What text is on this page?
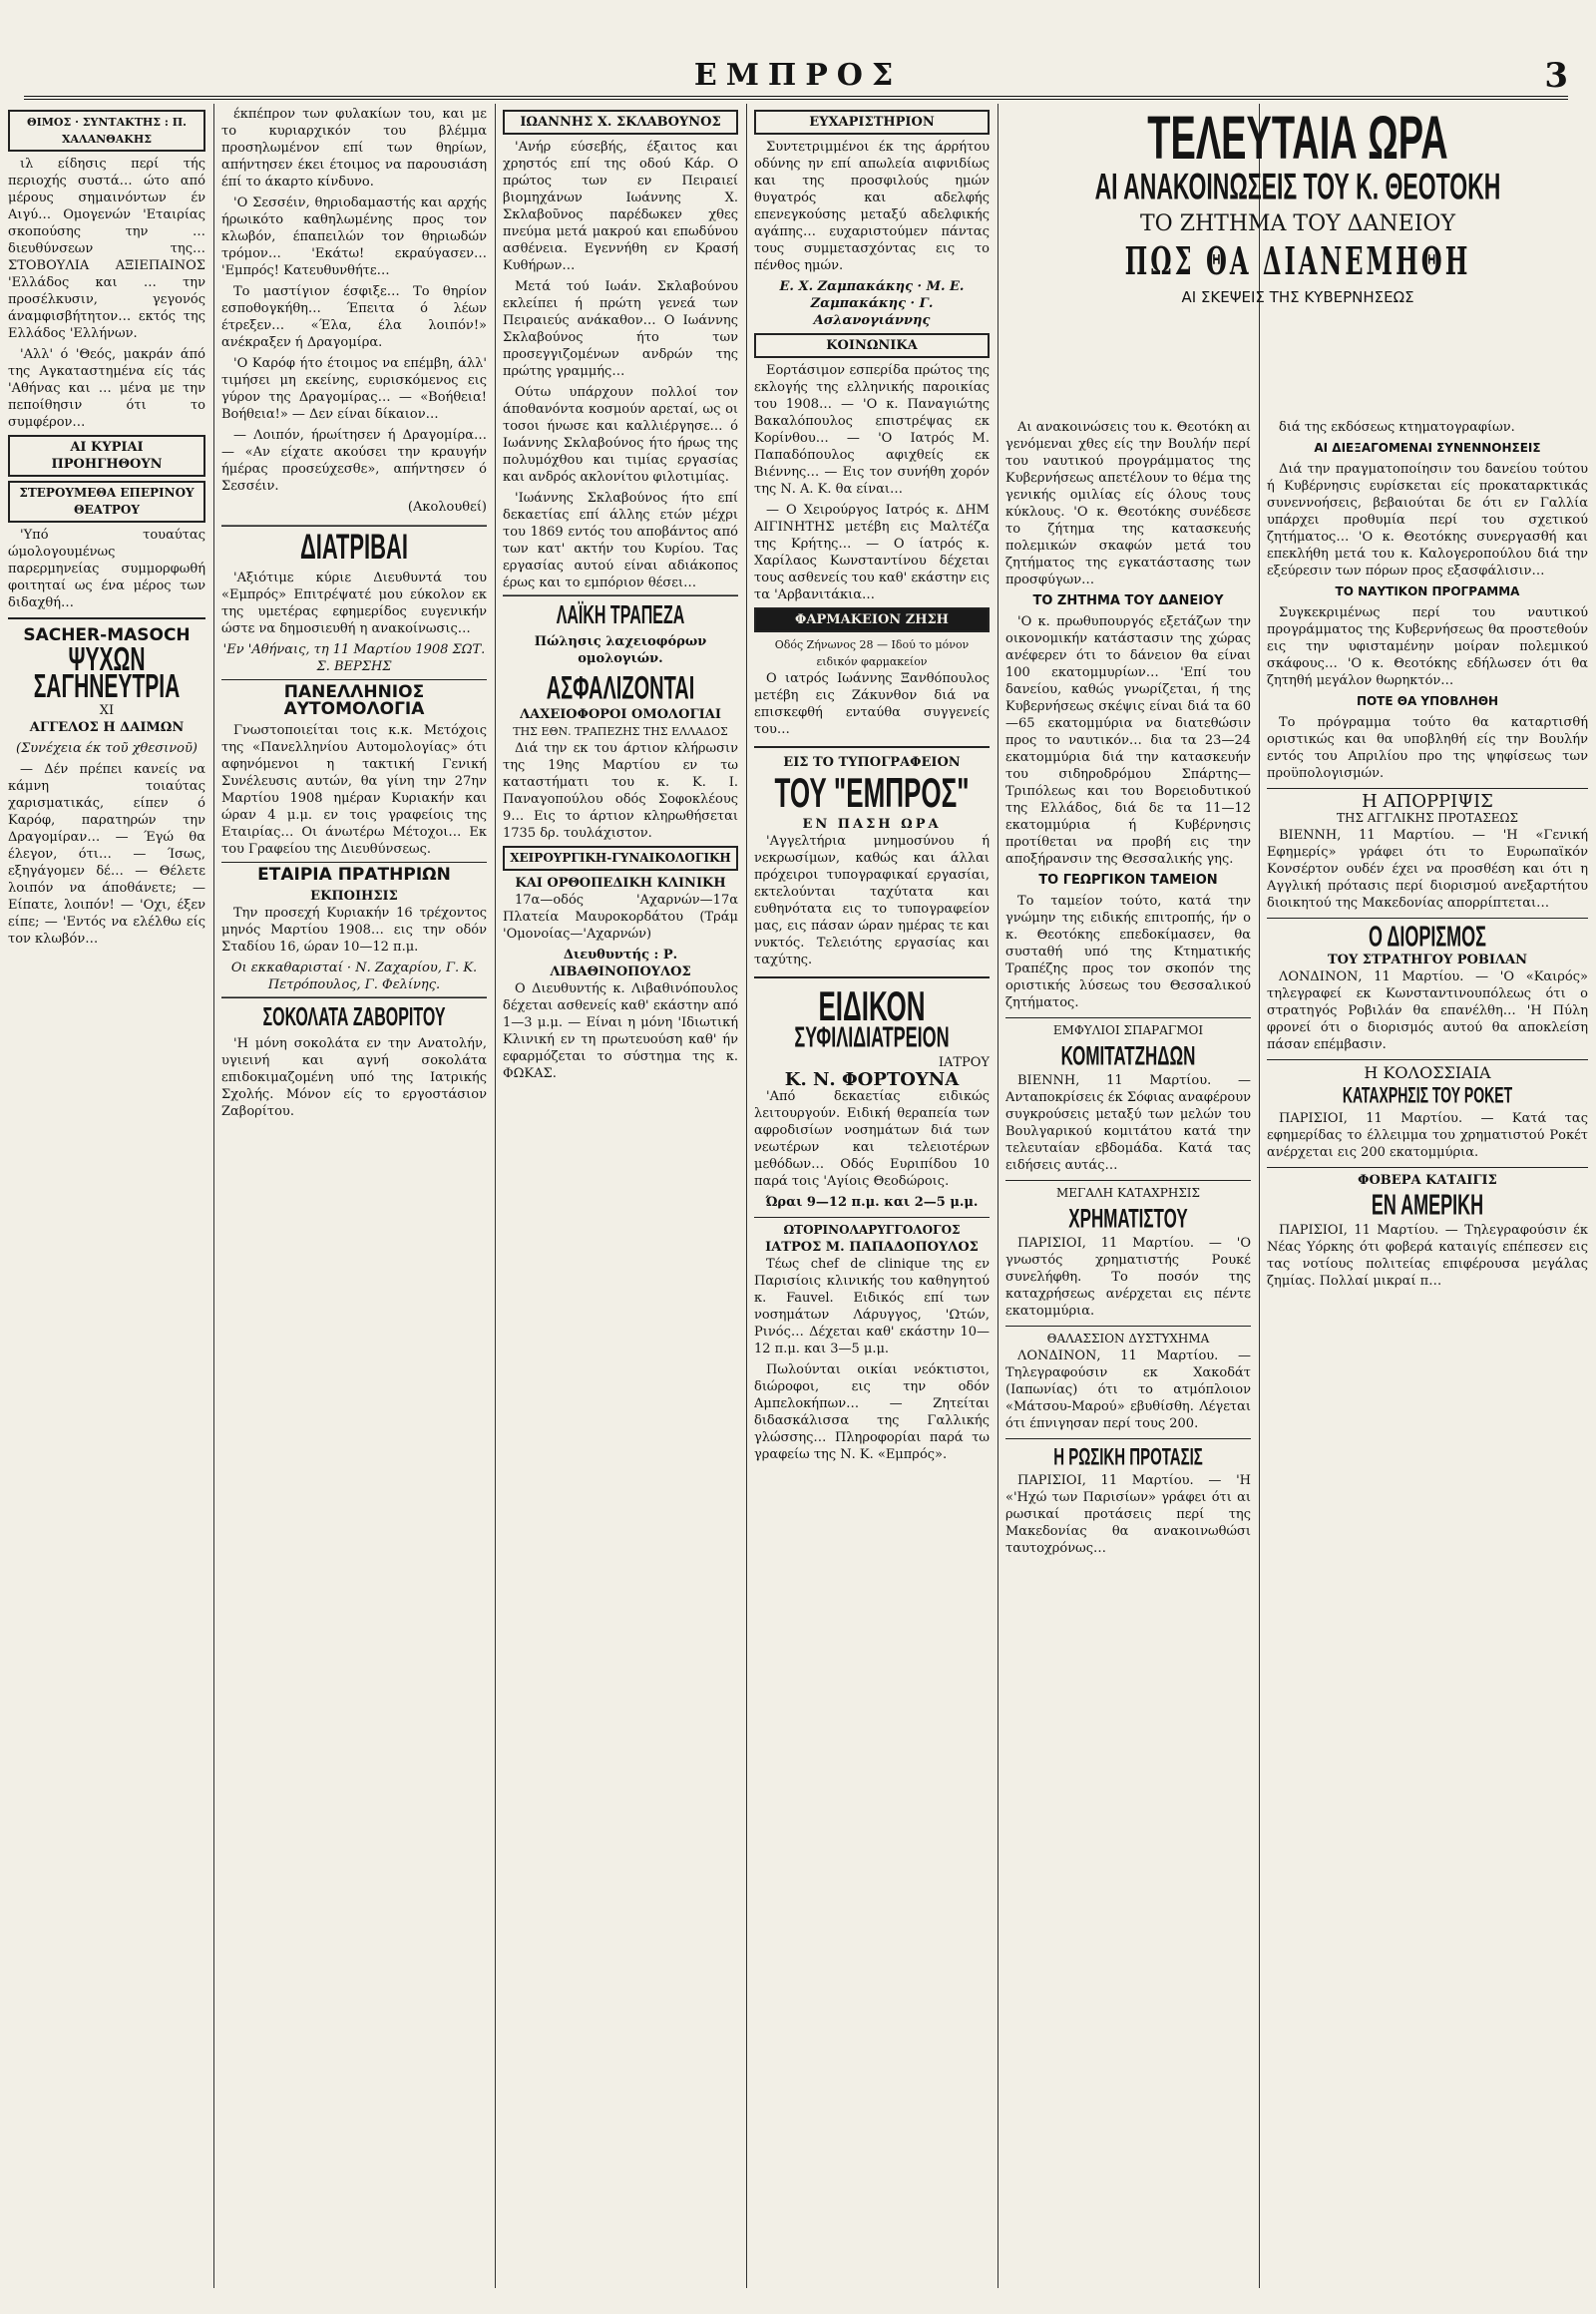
ΕΜΠΡΟΣ	3
ΘΙΜΟΣ · ΣΥΝΤΑΚΤΗΣ : Π. ΧΑΛΑΝΘΑΚΗΣ

ιλ είδησις περί τής περιοχής συστά… ώτο από μέρους σημαινόντων έν Αιγύ… Ομογενών 'Εταιρίας σκοπούσης την … διευθύνσεων της… ΣΤΟΒΟΥΛΙΑ ΑΞΙΕΠΑΙΝΟΣ 'Ελλάδος και … την προσέλκυσιν, γεγονός άναμφισβήτητον… εκτός της Ελλάδος 'Ελλήνων.

'Αλλ' ό 'Θεός, μακράν άπό της Αγκαταστημένα είς τάς 'Αθήνας και … μένα με την πεποίθησιν ότι το συμφέρον…

ΑΙ ΚΥΡΙΑΙ ΠΡΟΗΓΗΘΟΥΝ
ΣΤΕΡΟΥΜΕΘΑ ΕΠΕΡΙΝΟΥ ΘΕΑΤΡΟΥ

'Υπό τουαύτας ώμολογουμένως παρερμηνείας συμμορφωθή φοιτηταί ως ένα μέρος των διδαχθή…

SACHER-MASOCH
ΨΥΧΩΝ ΣΑΓΗΝΕΥΤΡΙΑ
XI
ΑΓΓΕΛΟΣ Η ΔΑΙΜΩΝ
(Συνέχεια έκ τοῦ χθεσινοῦ)

— Δέν πρέπει κανείς να κάμνη τοιαύτας χαρισματικάς, είπεν ό Καρόφ, παρατηρών την Δραγομίραν… — Έγώ θα έλεγον, ότι… — Ίσως, εξηγάγομεν δέ… — Θέλετε λοιπόν να άποθάνετε; — Είπατε, λοιπόν! — 'Οχι, έξεν είπε; — 'Εντός να ελέλθω είς τον κλωβόν…

έκπέπρον των φυλακίων του, και με το κυριαρχικόν του βλέμμα προσηλωμένον επί των θηρίων, απήντησεν έκει έτοιμος να παρουσιάση έπί το άκαρτο κίνδυνο.

'Ο Σεσσέιν, θηριοδαμαστής και αρχής ήρωικότο καθηλωμένης προς τον κλωβόν, έπαπειλών τον θηριωδών τρόμον… 'Εκάτω! εκραύγασεν… 'Εμπρός! Κατευθυνθήτε…

Το μαστίγιον έσφιξε… Το θηρίον εσποθογκήθη… Έπειτα ό λέων έτρεξεν… «Έλα, έλα λοιπόν!» ανέκραξεν ή Δραγομίρα.

'Ο Καρόφ ήτο έτοιμος να επέμβη, άλλ' τιμήσει μη εκείνης, ευρισκόμενος εις γύρον της Δραγομίρας… — «Βοήθεια! Βοήθεια!» — Δεν είναι δίκαιον…

— Λοιπόν, ήρωίτησεν ή Δραγομίρα… — «Αν είχατε ακούσει την κραυγήν ήμέρας προσεύχεσθε», απήντησεν ό Σεσσέιν.

(Ακολουθεί)
ΔΙΑΤΡΙΒΑΙ

'Αξιότιμε κύριε Διευθυντά του «Εμπρός» Επιτρέψατέ μου εύκολον εκ της υμετέρας εφημερίδος ευγενικήν ώστε να δημοσιευθή η ανακοίνωσις…

'Εν 'Αθήναις, τη 11 Μαρτίου 1908 ΣΩΤ. Σ. ΒΕΡΣΗΣ
ΠΑΝΕΛΛΗΝΙΟΣ ΑΥΤΟΜΟΛΟΓΙΑ

Γνωστοποιείται τοις κ.κ. Μετόχοις της «Πανελληνίου Αυτομολογίας» ότι αφηνόμενοι η τακτική Γενική Συνέλευσις αυτών, θα γίνη την 27ην Μαρτίου 1908 ημέραν Κυριακήν και ώραν 4 μ.μ. εν τοις γραφείοις της Εταιρίας… Οι άνωτέρω Μέτοχοι… Εκ του Γραφείου της Διευθύνσεως.

ΕΤΑΙΡΙΑ ΠΡΑΤΗΡΙΩΝ
ΕΚΠΟΙΗΣΙΣ

Την προσεχή Κυριακήν 16 τρέχοντος μηνός Μαρτίου 1908… εις την οδόν Σταδίου 16, ώραν 10—12 π.μ.

Οι εκκαθαρισταί · Ν. Ζαχαρίου, Γ. Κ. Πετρόπουλος, Γ. Φελίνης.
ΣΟΚΟΛΑΤΑ ΖΑΒΟΡΙΤΟΥ

'Η μόνη σοκολάτα εν την Ανατολήν, υγιεινή και αγνή σοκολάτα επιδοκιμαζομένη υπό της Ιατρικής Σχολής. Μόνον είς το εργοστάσιον Ζαβορίτου.

ΙΩΑΝΝΗΣ Χ. ΣΚΛΑΒΟΥΝΟΣ

'Ανήρ εύσεβής, έξαιτος και χρηστός επί της οδού Κάρ. Ο πρώτος των εν Πειραιεί βιομηχάνων Ιωάννης Χ. Σκλαβοῦνος παρέδωκεν χθες πνεύμα μετά μακρού και επωδύνου ασθένεια. Εγεννήθη εν Κρασή Κυθήρων…

Μετά τού Ιωάν. Σκλαβούνου εκλείπει ή πρώτη γενεά των Πειραιεύς ανάκαθον… Ο Ιωάννης Σκλαβούνος ήτο των προσεγγιζομένων ανδρών της πρώτης γραμμής…

Ούτω υπάρχουν πολλοί τον άποθανόντα κοσμούν αρεταί, ως οι τοσοι ήνωσε και καλλιέργησε… ό Ιωάννης Σκλαβούνος ήτο ήρως της πολυμόχθου και τιμίας εργασίας και ανδρός ακλονίτου φιλοτιμίας.

'Ιωάννης Σκλαβούνος ήτο επί δεκαετίας επί άλλης ετών μέχρι του 1869 εντός του αποβάντος από των κατ' ακτήν του Κυρίου. Τας εργασίας αυτού είναι αδιάκοπος έρως και το εμπόριον θέσει…

ΛΑΪΚΗ ΤΡΑΠΕΖΑ
Πώλησις λαχειοφόρων ομολογιών.
ΑΣΦΑΛΙΖΟΝΤΑΙ
ΛΑΧΕΙΟΦΟΡΟΙ ΟΜΟΛΟΓΙΑΙ
ΤΗΣ ΕΘΝ. ΤΡΑΠΕΖΗΣ ΤΗΣ ΕΛΛΑΔΟΣ

Διά την εκ του άρτιον κλήρωσιν της 19ης Μαρτίου εν τω καταστήματι του κ. Κ. Ι. Παναγοπούλου οδός Σοφοκλέους 9… Εις το άρτιον κληρωθήσεται 1735 δρ. τουλάχιστον.

ΧΕΙΡΟΥΡΓΙΚΗ-ΓΥΝΑΙΚΟΛΟΓΙΚΗ
ΚΑΙ ΟΡΘΟΠΕΔΙΚΗ ΚΛΙΝΙΚΗ

17α—οδός 'Αχαρνών—17α Πλατεία Μαυροκορδάτου (Τράμ 'Ομονοίας—'Αχαρνών)

Διευθυντής : Ρ. ΛΙΒΑΘΙΝΟΠΟΥΛΟΣ

Ο Διευθυντής κ. Λιβαθινόπουλος δέχεται ασθενείς καθ' εκάστην από 1—3 μ.μ. — Είναι η μόνη 'Ιδιωτική Κλινική εν τη πρωτευούση καθ' ήν εφαρμόζεται το σύστημα της κ. ΦΩΚΑΣ.

ΕΥΧΑΡΙΣΤΗΡΙΟΝ

Συντετριμμένοι έκ της άρρήτου οδύνης ην επί απωλεία αιφνιδίως και της προσφιλούς ημών θυγατρός και αδελφής επενεγκούσης μεταξύ αδελφικής αγάπης… ευχαριστούμεν πάντας τους συμμετασχόντας εις το πένθος ημών.

Ε. Χ. Ζαμπακάκης · Μ. Ε. Ζαμπακάκης · Γ. Ασλανογιάννης
ΚΟΙΝΩΝΙΚΑ

Εορτάσιμον εσπερίδα πρώτος της εκλογής της ελληνικής παροικίας του 1908… — 'Ο κ. Παναγιώτης Βακαλόπουλος επιστρέψας εκ Κορίνθου… — 'Ο Ιατρός Μ. Παπαδόπουλος αφιχθείς εκ Βιέννης… — Εις τον συνήθη χορόν της Ν. Α. Κ. θα είναι…

— Ο Χειρούργος Ιατρός κ. ΔΗΜ ΑΙΓΙΝΗΤΗΣ μετέβη εις Μαλτέζα της Κρήτης… — Ο ίατρός κ. Χαρίλαος Κωνσταντίνου δέχεται τους ασθενείς του καθ' εκάστην εις τα 'Αρβανιτάκια…

ΦΑΡΜΑΚΕΙΟΝ ΖΗΣΗ
Οδός Ζήνωνος 28 — Ιδού το μόνον ειδικόν φαρμακείον

Ο ιατρός Ιωάννης Ξανθόπουλος μετέβη εις Ζάκυνθον διά να επισκεφθή ενταύθα συγγενείς του…

ΕΙΣ ΤΟ ΤΥΠΟΓΡΑΦΕΙΟΝ
ΤΟΥ "ΕΜΠΡΟΣ"
ΕΝ ΠΑΣΗ ΩΡΑ

'Αγγελτήρια μνημοσύνου ή νεκρωσίμων, καθώς και άλλαι πρόχειροι τυπογραφικαί εργασίαι, εκτελούνται ταχύτατα και ευθηνότατα εις το τυπογραφείον μας, εις πάσαν ώραν ημέρας τε και νυκτός. Τελειότης εργασίας και ταχύτης.

ΕΙΔΙΚΟΝ
ΣΥΦΙΛΙΔΙΑΤΡΕΙΟΝ
ΙΑΤΡΟΥ
Κ. Ν. ΦΟΡΤΟΥΝΑ

'Από δεκαετίας ειδικώς λειτουργούν. Ειδική θεραπεία των αφροδισίων νοσημάτων διά των νεωτέρων και τελειοτέρων μεθόδων… Οδός Ευριπίδου 10 παρά τοις 'Αγίοις Θεοδώροις.

Ώραι 9—12 π.μ. και 2—5 μ.μ.
ΩΤΟΡΙΝΟΛΑΡΥΓΓΟΛΟΓΟΣ
ΙΑΤΡΟΣ Μ. ΠΑΠΑΔΟΠΟΥΛΟΣ

Τέως chef de clinique της εν Παρισίοις κλινικής του καθηγητού κ. Fauvel. Ειδικός επί των νοσημάτων Λάρυγγος, 'Ωτών, Ρινός… Δέχεται καθ' εκάστην 10—12 π.μ. και 3—5 μ.μ.

Πωλούνται οικίαι νεόκτιστοι, διώροφοι, εις την οδόν Αμπελοκήπων… — Ζητείται διδασκάλισσα της Γαλλικής γλώσσης… Πληροφορίαι παρά τω γραφείω της Ν. Κ. «Εμπρός».

ΤΕΛΕΥΤΑΙΑ ΩΡΑ
ΑΙ ΑΝΑΚΟΙΝΩΣΕΙΣ ΤΟΥ Κ. ΘΕΟΤΟΚΗ
ΤΟ ΖΗΤΗΜΑ ΤΟΥ ΔΑΝΕΙΟΥ
ΠΩΣ ΘΑ ΔΙΑΝΕΜΗΘΗ
ΑΙ ΣΚΕΨΕΙΣ ΤΗΣ ΚΥΒΕΡΝΗΣΕΩΣ

Αι ανακοινώσεις του κ. Θεοτόκη αι γενόμεναι χθες είς την Βουλήν περί του ναυτικού προγράμματος της Κυβερνήσεως απετέλουν το θέμα της γενικής ομιλίας είς όλους τους κύκλους. 'Ο κ. Θεοτόκης συνέδεσε το ζήτημα της κατασκευής πολεμικών σκαφών μετά του ζητήματος της εγκατάστασης των προσφύγων…

ΤΟ ΖΗΤΗΜΑ ΤΟΥ ΔΑΝΕΙΟΥ

'Ο κ. πρωθυπουργός εξετάζων την οικονομικήν κατάστασιν της χώρας ανέφερεν ότι το δάνειον θα είναι 100 εκατομμυρίων… 'Επί του δανείου, καθώς γνωρίζεται, ή της Κυβερνήσεως σκέψις είναι διά τα 60—65 εκατομμύρια να διατεθώσιν προς το ναυτικόν… δια τα 23—24 εκατομμύρια διά την κατασκευήν του σιδηροδρόμου Σπάρτης—Τριπόλεως και του Βορειοδυτικού της Ελλάδος, διά δε τα 11—12 εκατομμύρια ή Κυβέρνησις προτίθεται να προβή εις την αποξήρανσιν της Θεσσαλικής γης.

ΤΟ ΓΕΩΡΓΙΚΟΝ ΤΑΜΕΙΟΝ

Το ταμείον τούτο, κατά την γνώμην της ειδικής επιτροπής, ήν ο κ. Θεοτόκης επεδοκίμασεν, θα συσταθή υπό της Κτηματικής Τραπέζης προς τον σκοπόν της οριστικής λύσεως του Θεσσαλικού ζητήματος.

ΕΜΦΥΛΙΟΙ ΣΠΑΡΑΓΜΟΙ
ΚΟΜΙΤΑΤΖΗΔΩΝ

ΒΙΕΝΝΗ, 11 Μαρτίου. — Ανταποκρίσεις έκ Σόφιας αναφέρουν συγκρούσεις μεταξύ των μελών του Βουλγαρικού κομιτάτου κατά την τελευταίαν εβδομάδα. Κατά τας ειδήσεις αυτάς…

ΜΕΓΑΛΗ ΚΑΤΑΧΡΗΣΙΣ
ΧΡΗΜΑΤΙΣΤΟΥ

ΠΑΡΙΣΙΟΙ, 11 Μαρτίου. — 'Ο γνωστός χρηματιστής Ρουκέ συνελήφθη. Το ποσόν της καταχρήσεως ανέρχεται εις πέντε εκατομμύρια.

ΘΑΛΑΣΣΙΟΝ ΔΥΣΤΥΧΗΜΑ

ΛΟΝΔΙΝΟΝ, 11 Μαρτίου. — Τηλεγραφούσιν εκ Χακοδάτ (Ιαπωνίας) ότι το ατμόπλοιον «Μάτσου-Μαρού» εβυθίσθη. Λέγεται ότι έπνιγησαν περί τους 200.

Η ΡΩΣΙΚΗ ΠΡΟΤΑΣΙΣ

ΠΑΡΙΣΙΟΙ, 11 Μαρτίου. — 'Η «'Ηχώ των Παρισίων» γράφει ότι αι ρωσικαί προτάσεις περί της Μακεδονίας θα ανακοινωθώσι ταυτοχρόνως…

διά της εκδόσεως κτηματογραφίων.

ΑΙ ΔΙΕΞΑΓΟΜΕΝΑΙ ΣΥΝΕΝΝΟΗΣΕΙΣ

Διά την πραγματοποίησιν του δανείου τούτου ή Κυβέρνησις ευρίσκεται είς προκαταρκτικάς συνεννοήσεις, βεβαιούται δε ότι εν Γαλλία υπάρχει προθυμία περί του σχετικού ζητήματος… 'Ο κ. Θεοτόκης συνεργασθή και επεκλήθη μετά του κ. Καλογεροπούλου διά την εξεύρεσιν των πόρων προς εξασφάλισιν…

ΤΟ ΝΑΥΤΙΚΟΝ ΠΡΟΓΡΑΜΜΑ

Συγκεκριμένως περί του ναυτικού προγράμματος της Κυβερνήσεως θα προστεθούν εις την υφισταμένην μοίραν πολεμικού σκάφους… 'Ο κ. Θεοτόκης εδήλωσεν ότι θα ζητηθή μεγάλον θωρηκτόν…

ΠΟΤΕ ΘΑ ΥΠΟΒΛΗΘΗ

Το πρόγραμμα τούτο θα καταρτισθή οριστικώς και θα υποβληθή είς την Βουλήν εντός του Απριλίου προ της ψηφίσεως των προϋπολογισμών.

Η ΑΠΟΡΡΙΨΙΣ
ΤΗΣ ΑΓΓΛΙΚΗΣ ΠΡΟΤΑΣΕΩΣ

ΒΙΕΝΝΗ, 11 Μαρτίου. — 'Η «Γενική Εφημερίς» γράφει ότι το Ευρωπαϊκόν Κονσέρτον ουδέν έχει να προσθέση και ότι η Αγγλική πρότασις περί διορισμού ανεξαρτήτου διοικητού της Μακεδονίας απορρίπτεται…

Ο ΔΙΟΡΙΣΜΟΣ
ΤΟΥ ΣΤΡΑΤΗΓΟΥ ΡΟΒΙΛΑΝ

ΛΟΝΔΙΝΟΝ, 11 Μαρτίου. — 'Ο «Καιρός» τηλεγραφεί εκ Κωνσταντινουπόλεως ότι ο στρατηγός Ροβιλάν θα επανέλθη… 'Η Πύλη φρονεί ότι ο διορισμός αυτού θα αποκλείση πάσαν επέμβασιν.

Η ΚΟΛΟΣΣΙΑΙΑ
ΚΑΤΑΧΡΗΣΙΣ ΤΟΥ ΡΟΚΕΤ

ΠΑΡΙΣΙΟΙ, 11 Μαρτίου. — Κατά τας εφημερίδας το έλλειμμα του χρηματιστού Ροκέτ ανέρχεται εις 200 εκατομμύρια.

ΦΟΒΕΡΑ ΚΑΤΑΙΓΙΣ
ΕΝ ΑΜΕΡΙΚΗ

ΠΑΡΙΣΙΟΙ, 11 Μαρτίου. — Τηλεγραφούσιν έκ Νέας Υόρκης ότι φοβερά καταιγίς επέπεσεν εις τας νοτίους πολιτείας επιφέρουσα μεγάλας ζημίας. Πολλαί μικραί π…
